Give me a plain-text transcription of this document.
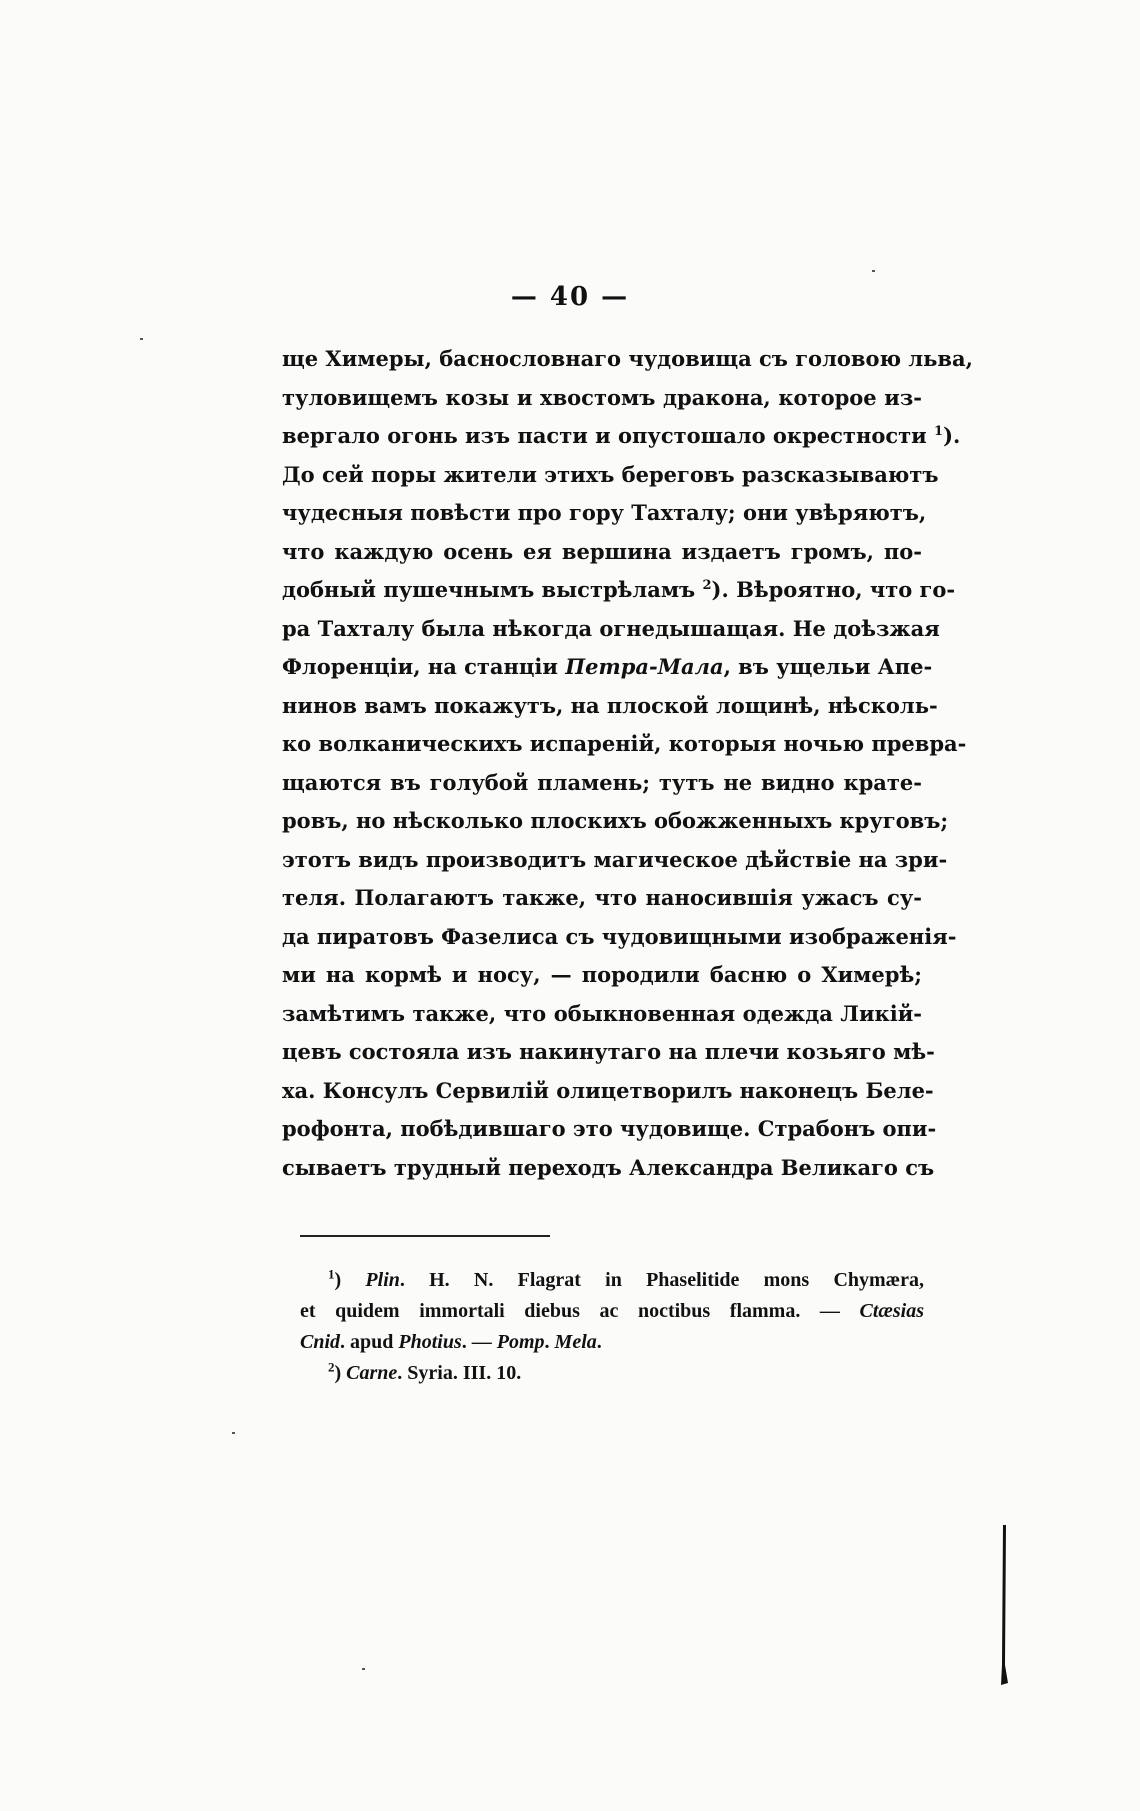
— 40 —
ще Химеры, баснословнаго чудовища съ головою льва,
туловищемъ козы и хвостомъ дракона, которое из-
вергало огонь изъ пасти и опустошало окрестности $^1$).
До сей поры жители этихъ береговъ разсказываютъ
чудесныя повѣсти про гору Тахталу; они увѣряютъ,
что каждую осень ея вершина издаетъ громъ, по-
добный пушечнымъ выстрѣламъ $^2$). Вѣроятно, что го-
ра Тахталу была нѣкогда огнедышащая. Не доѣзжая
Флоренціи, на станціи Петра-Мала, въ ущельи Апе-
нинов вамъ покажутъ, на плоской лощинѣ, нѣсколь-
ко волканическихъ испареній, которыя ночью превра-
щаются въ голубой пламень; тутъ не видно крате-
ровъ, но нѣсколько плоскихъ обожженныхъ круговъ;
этотъ видъ производитъ магическое дѣйствіе на зри-
теля. Полагаютъ также, что наносившія ужасъ су-
да пиратовъ Фазелиса съ чудовищными изображенія-
ми на кормѣ и носу, — породили басню о Химерѣ;
замѣтимъ также, что обыкновенная одежда Ликій-
цевъ состояла изъ накинутаго на плечи козьяго мѣ-
ха. Консулъ Сервилій олицетворилъ наконецъ Беле-
рофонта, побѣдившаго это чудовище. Страбонъ опи-
сываетъ трудный переходъ Александра Великаго съ
$^1$) Plin. H. N. Flagrat in Phaselitide mons Chymæra,
et quidem immortali diebus ac noctibus flamma. — Ctæsias
Cnid. apud Photius. — Pomp. Mela.
$^2$) Carne. Syria. III. 10.
